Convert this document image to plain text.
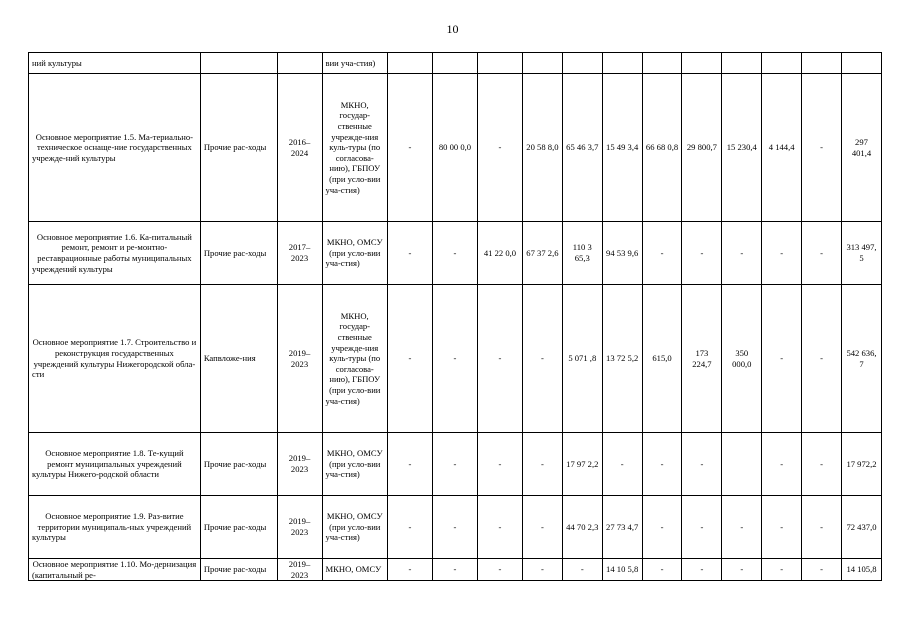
10
ний культуры			вии уча-стия)												
Основное мероприятие 1.5. Ма-териально-техническое оснаще-ние государственных учрежде-ний культуры	Прочие рас-ходы	2016–2024	МКНО, государ-ственные учрежде-ния куль-туры (по согласова-нию), ГБПОУ (при усло-вии уча-стия)	-	80 00 0,0	-	20 58 8,0	65 46 3,7	15 49 3,4	66 68 0,8	29 800,7	15 230,4	4 144,4	-	297 401,4
Основное мероприятие 1.6. Ка-питальный ремонт, ремонт и ре-монтно-реставрационные работы муниципальных учреждений культуры	Прочие рас-ходы	2017–2023	МКНО, ОМСУ (при усло-вии уча-стия)	-	-	41 22 0,0	67 37 2,6	110 3 65,3	94 53 9,6	-	-	-	-	-	313 497, 5
Основное мероприятие 1.7. Строительство и реконструкция государственных учреждений культуры Нижегородской обла-сти	Капвложе-ния	2019–2023	МКНО, государ-ственные учрежде-ния куль-туры (по согласова-нию), ГБПОУ (при усло-вии уча-стия)	-	-	-	-	5 071 ,8	13 72 5,2	615,0	173 224,7	350 000,0	-	-	542 636, 7
Основное мероприятие 1.8. Те-кущий ремонт муниципальных учреждений культуры Нижего-родской области	Прочие рас-ходы	2019–2023	МКНО, ОМСУ (при усло-вии уча-стия)	-	-	-	-	17 97 2,2	-	-	-		-	-	17 972,2
Основное мероприятие 1.9. Раз-витие территории муниципаль-ных учреждений культуры	Прочие рас-ходы	2019–2023	МКНО, ОМСУ (при усло-вии уча-стия)	-	-	-	-	44 70 2,3	27 73 4,7	-	-	-	-	-	72 437,0
Основное мероприятие 1.10. Мо-дернизация (капитальный ре-	Прочие рас-ходы	2019–2023	МКНО, ОМСУ	-	-	-	-	-	14 10 5,8	-	-	-	-	-	14 105,8
